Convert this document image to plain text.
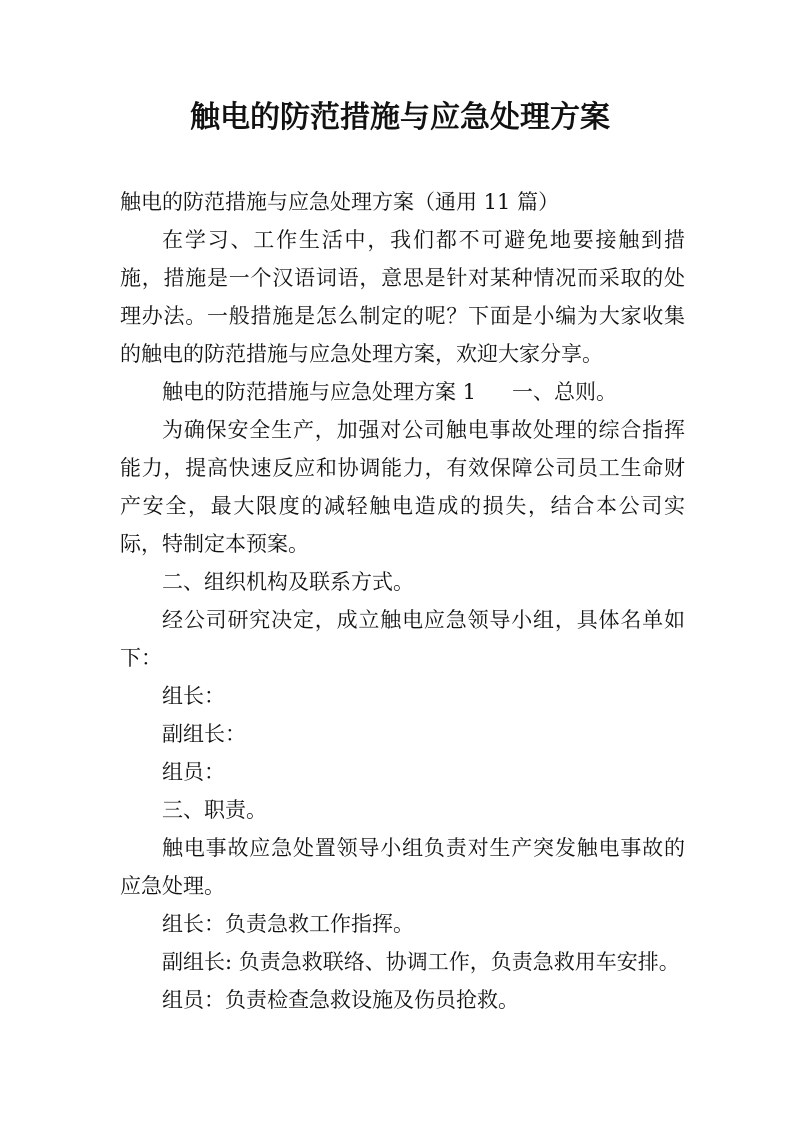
触电的防范措施与应急处理方案

触电的防范措施与应急处理方案（通用 11 篇）

在学习、工作生活中，我们都不可避免地要接触到措施，措施是一个汉语词语，意思是针对某种情况而采取的处理办法。一般措施是怎么制定的呢？下面是小编为大家收集的触电的防范措施与应急处理方案，欢迎大家分享。

触电的防范措施与应急处理方案 1 一、总则。

为确保安全生产，加强对公司触电事故处理的综合指挥能力，提高快速反应和协调能力，有效保障公司员工生命财产安全，最大限度的减轻触电造成的损失，结合本公司实际，特制定本预案。

二、组织机构及联系方式。

经公司研究决定，成立触电应急领导小组，具体名单如下：

组长：

副组长：

组员：

三、职责。

触电事故应急处置领导小组负责对生产突发触电事故的应急处理。

组长：负责急救工作指挥。

副组长: 负责急救联络、协调工作，负责急救用车安排。

组员：负责检查急救设施及伤员抢救。
